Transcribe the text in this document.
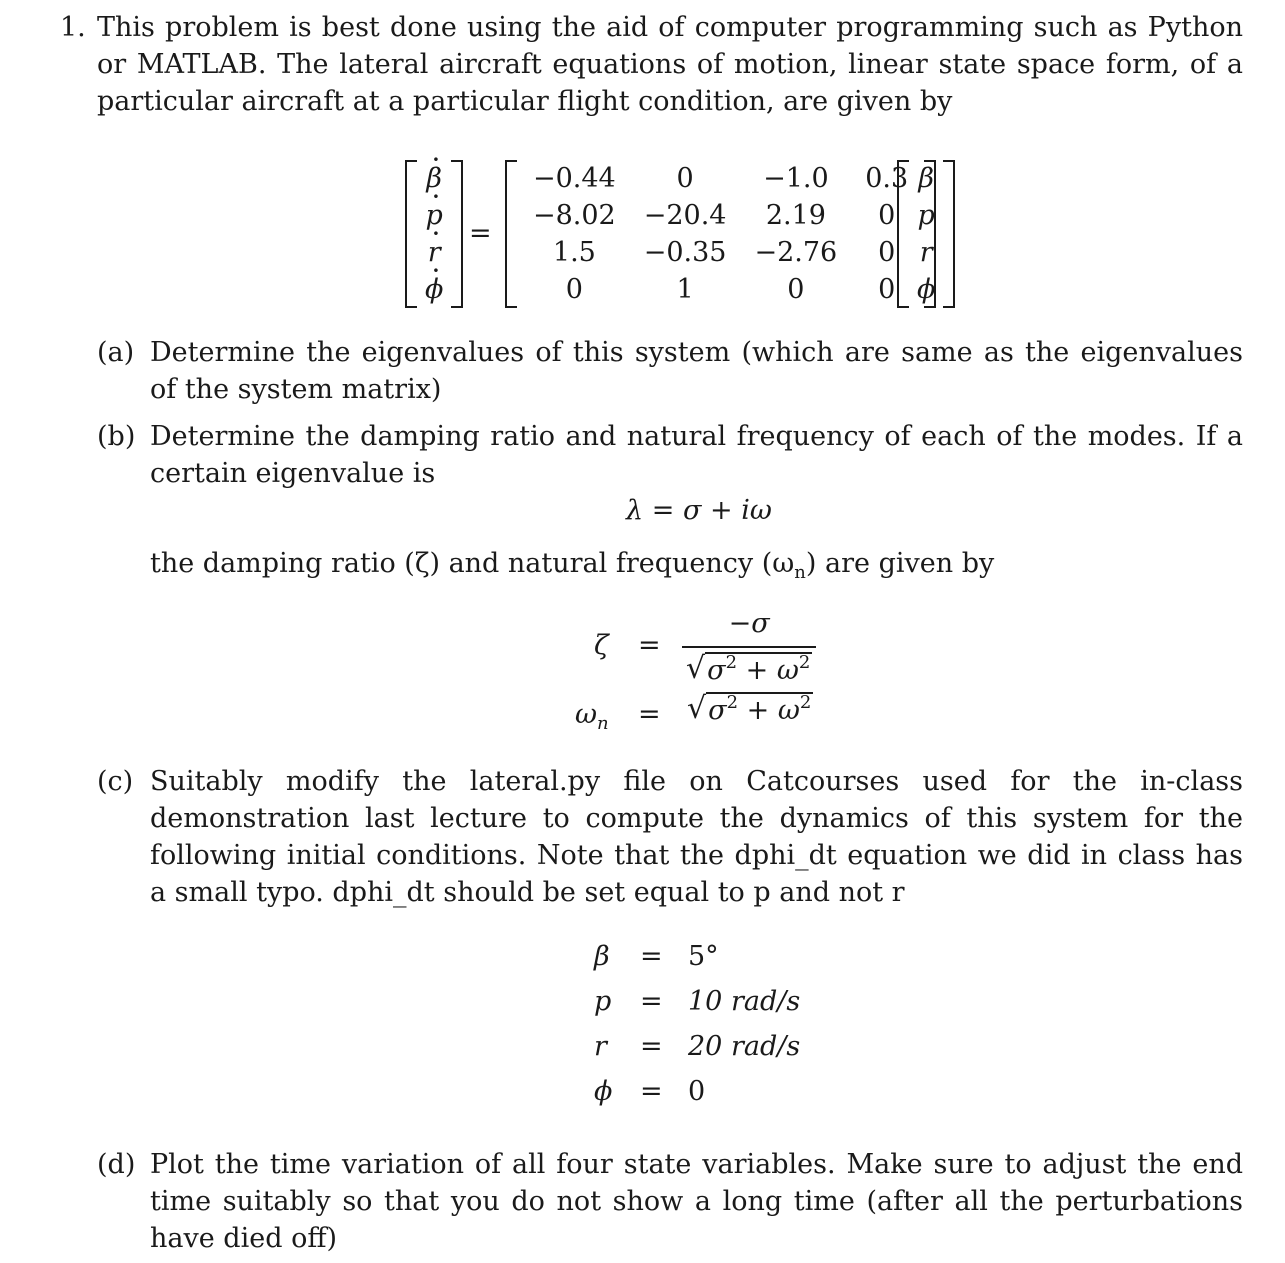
1. This problem is best done using the aid of computer programming such as Python or MATLAB. The lateral aircraft equations of motion, linear state space form, of a particular aircraft at a particular flight condition, are given by
β ·
p ·
r ·
ϕ ·
=
−0.44	0	−1.0	0.3
−8.02	−20.4	2.19	0
1.5	−0.35	−2.76	0
0	1	0	0
β
p
r
ϕ
(a) Determine the eigenvalues of this system (which are same as the eigenvalues of the system matrix)
(b) Determine the damping ratio and natural frequency of each of the modes. If a certain eigenvalue is
λ = σ + iω
the damping ratio (ζ) and natural frequency $(\omega_n)$ are given by
$\zeta = \frac{-\sigma}{√ \sigma^2 + \omega^2}$
$\omega_n$ = √ $\sigma^2 + \omega^2$
(c) Suitably modify the lateral.py file on Catcourses used for the in-class demonstration last lecture to compute the dynamics of this system for the following initial conditions. Note that the dphi_dt equation we did in class has a small typo. dphi_dt should be set equal to p and not r
β = 5°
p = 10 rad/s
r = 20 rad/s
ϕ = 0
(d) Plot the time variation of all four state variables. Make sure to adjust the end time suitably so that you do not show a long time (after all the perturbations have died off)
